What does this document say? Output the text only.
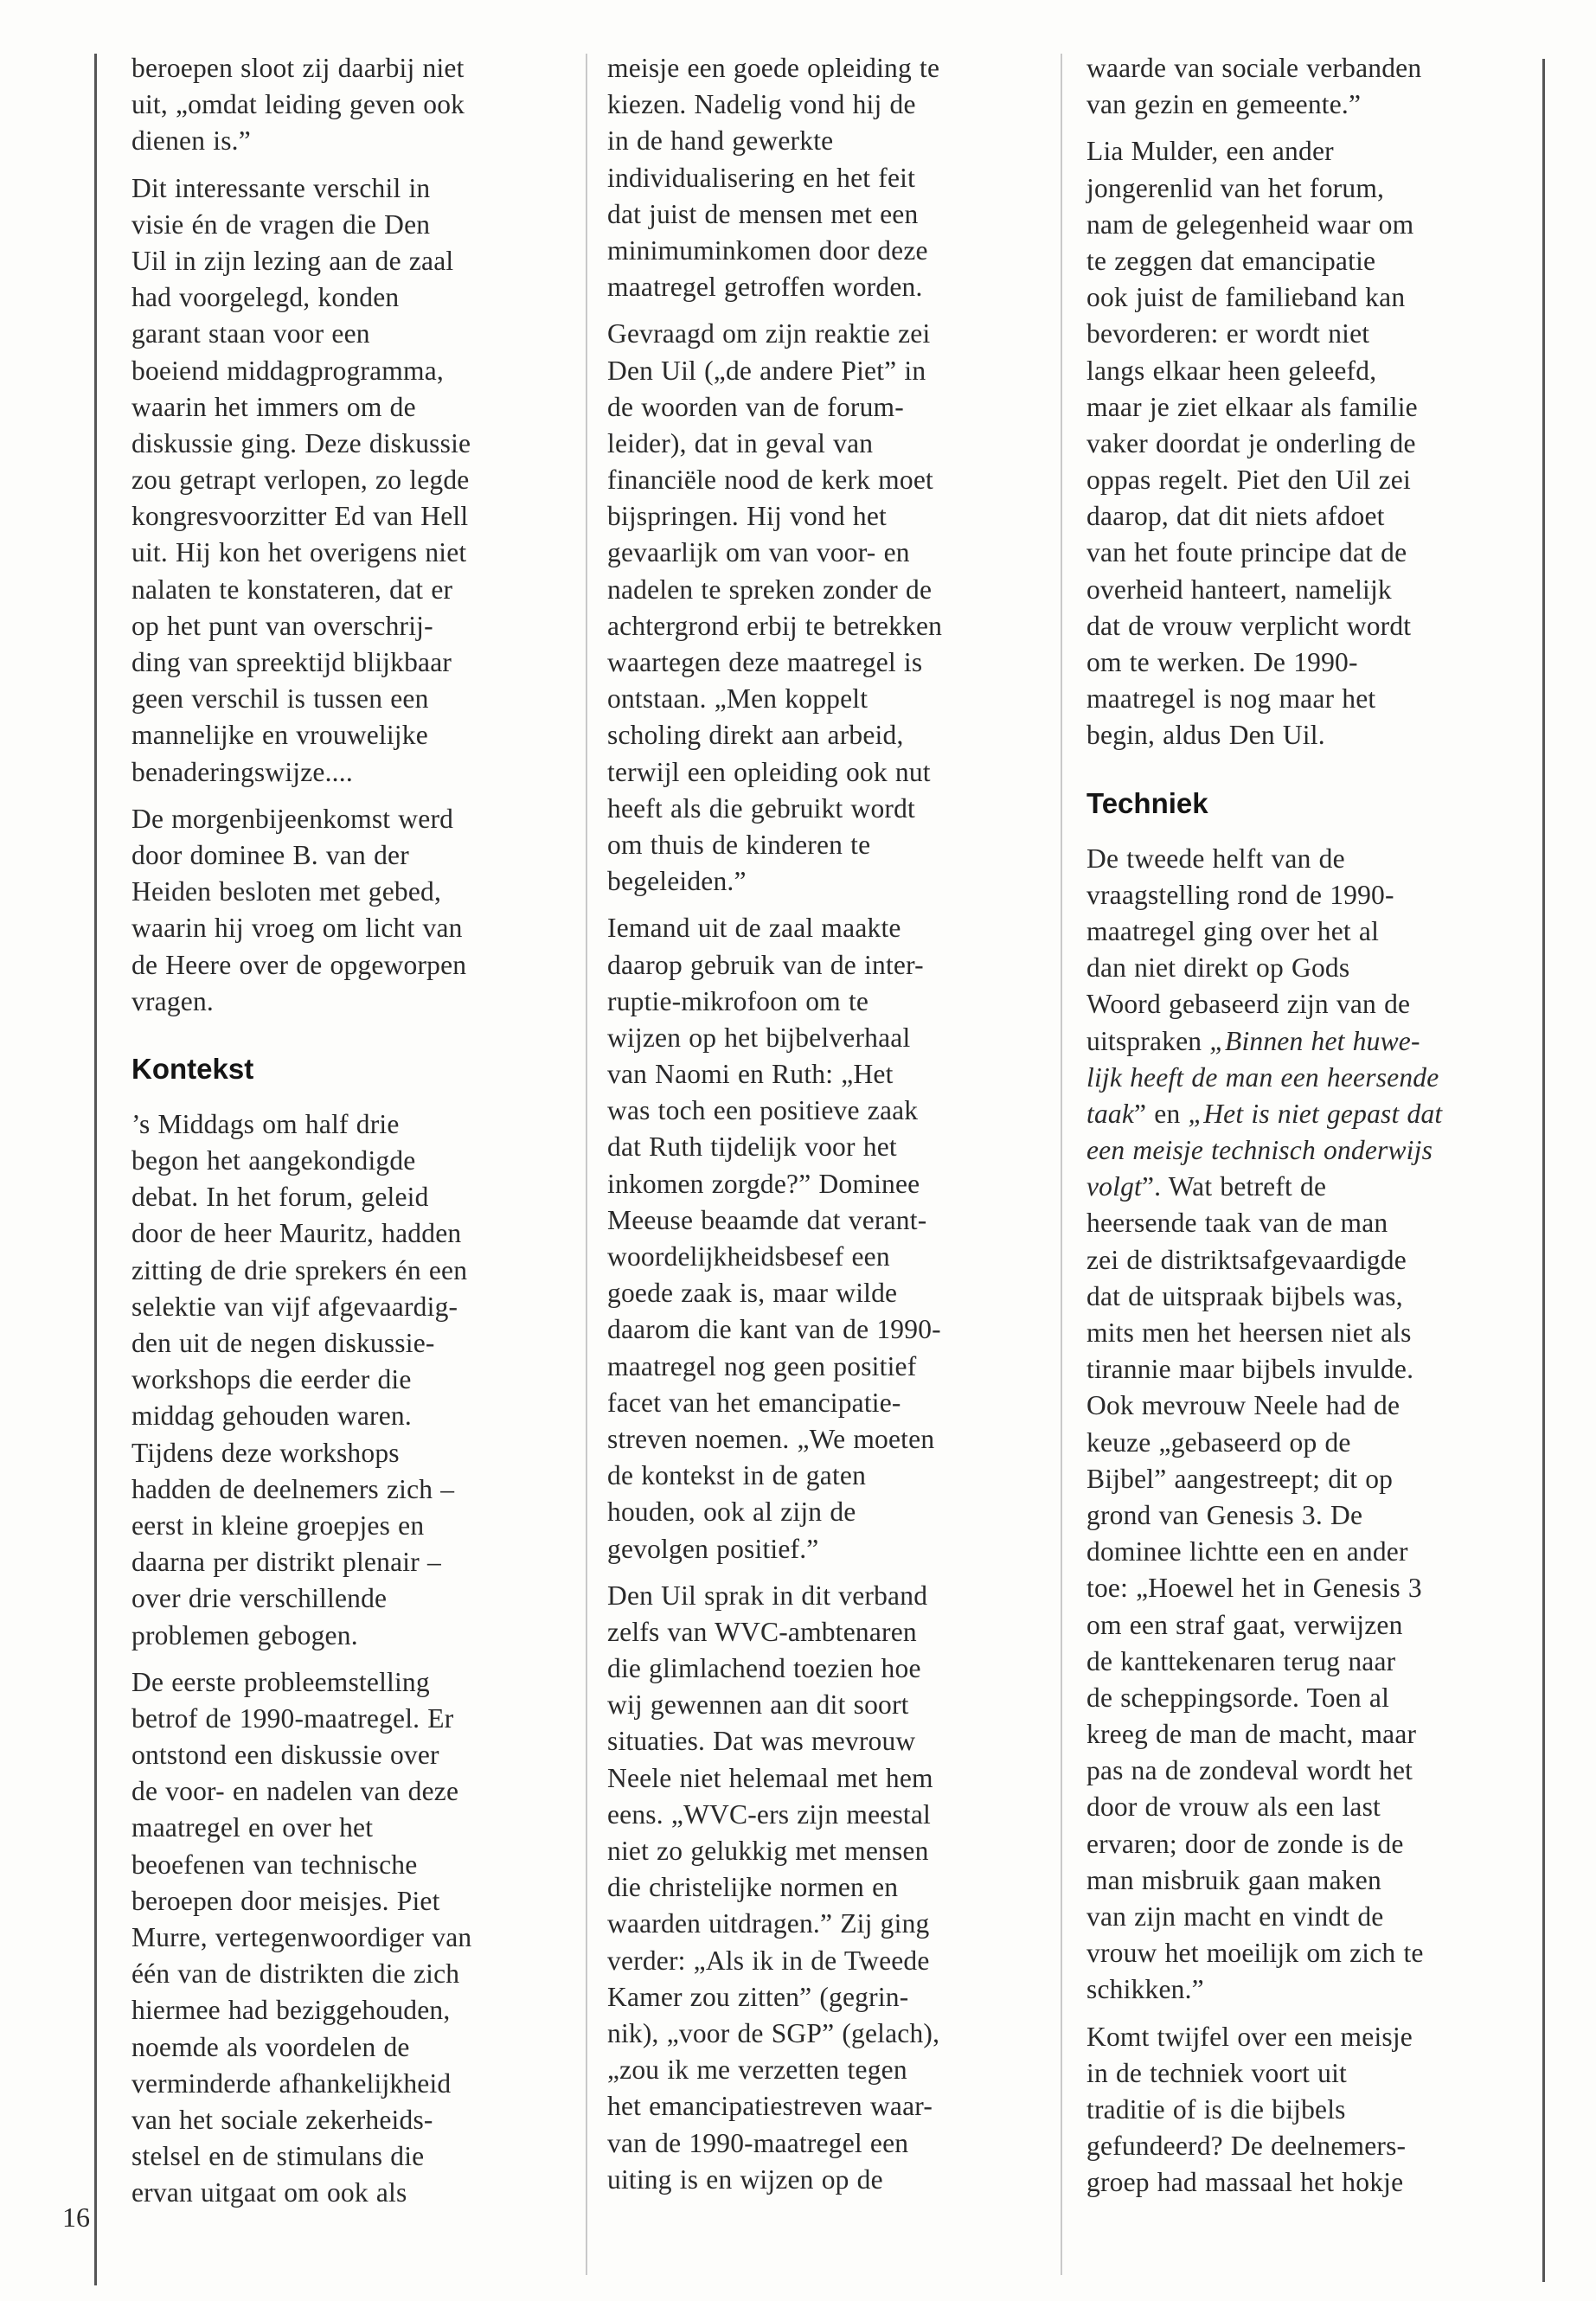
16
beroepen sloot zij daarbij niet
uit, „omdat leiding geven ook
dienen is.”
Dit interessante verschil in
visie én de vragen die Den
Uil in zijn lezing aan de zaal
had voorgelegd, konden
garant staan voor een
boeiend middagprogramma,
waarin het immers om de
diskussie ging. Deze diskussie
zou getrapt verlopen, zo legde
kongresvoorzitter Ed van Hell
uit. Hij kon het overigens niet
nalaten te konstateren, dat er
op het punt van overschrij-
ding van spreektijd blijkbaar
geen verschil is tussen een
mannelijke en vrouwelijke
benaderingswijze....
De morgenbijeenkomst werd
door dominee B. van der
Heiden besloten met gebed,
waarin hij vroeg om licht van
de Heere over de opgeworpen
vragen.
Kontekst
’s Middags om half drie
begon het aangekondigde
debat. In het forum, geleid
door de heer Mauritz, hadden
zitting de drie sprekers én een
selektie van vijf afgevaardig-
den uit de negen diskussie-
workshops die eerder die
middag gehouden waren.
Tijdens deze workshops
hadden de deelnemers zich –
eerst in kleine groepjes en
daarna per distrikt plenair –
over drie verschillende
problemen gebogen.
De eerste probleemstelling
betrof de 1990-maatregel. Er
ontstond een diskussie over
de voor- en nadelen van deze
maatregel en over het
beoefenen van technische
beroepen door meisjes. Piet
Murre, vertegenwoordiger van
één van de distrikten die zich
hiermee had beziggehouden,
noemde als voordelen de
verminderde afhankelijkheid
van het sociale zekerheids-
stelsel en de stimulans die
ervan uitgaat om ook als
meisje een goede opleiding te
kiezen. Nadelig vond hij de
in de hand gewerkte
individualisering en het feit
dat juist de mensen met een
minimuminkomen door deze
maatregel getroffen worden.
Gevraagd om zijn reaktie zei
Den Uil („de andere Piet” in
de woorden van de forum-
leider), dat in geval van
financiële nood de kerk moet
bijspringen. Hij vond het
gevaarlijk om van voor- en
nadelen te spreken zonder de
achtergrond erbij te betrekken
waartegen deze maatregel is
ontstaan. „Men koppelt
scholing direkt aan arbeid,
terwijl een opleiding ook nut
heeft als die gebruikt wordt
om thuis de kinderen te
begeleiden.”
Iemand uit de zaal maakte
daarop gebruik van de inter-
ruptie-mikrofoon om te
wijzen op het bijbelverhaal
van Naomi en Ruth: „Het
was toch een positieve zaak
dat Ruth tijdelijk voor het
inkomen zorgde?” Dominee
Meeuse beaamde dat verant-
woordelijkheidsbesef een
goede zaak is, maar wilde
daarom die kant van de 1990-
maatregel nog geen positief
facet van het emancipatie-
streven noemen. „We moeten
de kontekst in de gaten
houden, ook al zijn de
gevolgen positief.”
Den Uil sprak in dit verband
zelfs van WVC-ambtenaren
die glimlachend toezien hoe
wij gewennen aan dit soort
situaties. Dat was mevrouw
Neele niet helemaal met hem
eens. „WVC-ers zijn meestal
niet zo gelukkig met mensen
die christelijke normen en
waarden uitdragen.” Zij ging
verder: „Als ik in de Tweede
Kamer zou zitten” (gegrin-
nik), „voor de SGP” (gelach),
„zou ik me verzetten tegen
het emancipatiestreven waar-
van de 1990-maatregel een
uiting is en wijzen op de
waarde van sociale verbanden
van gezin en gemeente.”
Lia Mulder, een ander
jongerenlid van het forum,
nam de gelegenheid waar om
te zeggen dat emancipatie
ook juist de familieband kan
bevorderen: er wordt niet
langs elkaar heen geleefd,
maar je ziet elkaar als familie
vaker doordat je onderling de
oppas regelt. Piet den Uil zei
daarop, dat dit niets afdoet
van het foute principe dat de
overheid hanteert, namelijk
dat de vrouw verplicht wordt
om te werken. De 1990-
maatregel is nog maar het
begin, aldus Den Uil.
Techniek
De tweede helft van de
vraagstelling rond de 1990-
maatregel ging over het al
dan niet direkt op Gods
Woord gebaseerd zijn van de
uitspraken „Binnen het huwe-
lijk heeft de man een heersende
taak” en „Het is niet gepast dat
een meisje technisch onderwijs
volgt”. Wat betreft de
heersende taak van de man
zei de distriktsafgevaardigde
dat de uitspraak bijbels was,
mits men het heersen niet als
tirannie maar bijbels invulde.
Ook mevrouw Neele had de
keuze „gebaseerd op de
Bijbel” aangestreept; dit op
grond van Genesis 3. De
dominee lichtte een en ander
toe: „Hoewel het in Genesis 3
om een straf gaat, verwijzen
de kanttekenaren terug naar
de scheppingsorde. Toen al
kreeg de man de macht, maar
pas na de zondeval wordt het
door de vrouw als een last
ervaren; door de zonde is de
man misbruik gaan maken
van zijn macht en vindt de
vrouw het moeilijk om zich te
schikken.”
Komt twijfel over een meisje
in de techniek voort uit
traditie of is die bijbels
gefundeerd? De deelnemers-
groep had massaal het hokje
